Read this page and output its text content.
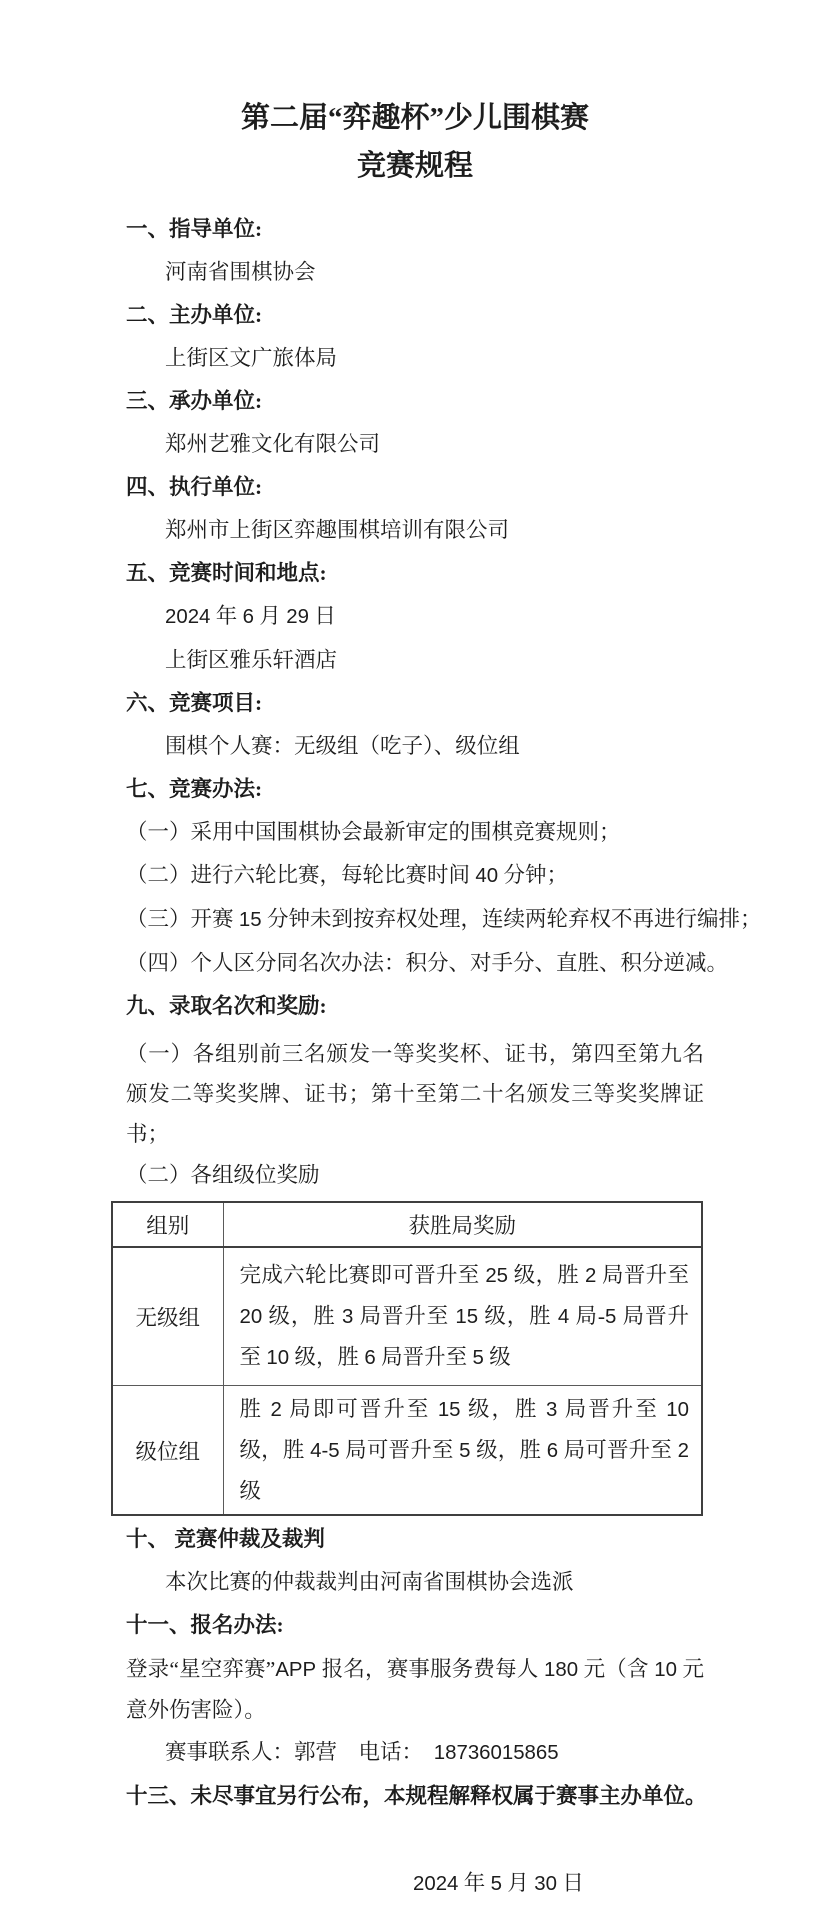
第二届“弈趣杯”少儿围棋赛
竞赛规程
一、指导单位:
河南省围棋协会
二、主办单位:
上街区文广旅体局
三、承办单位:
郑州艺雅文化有限公司
四、执行单位:
郑州市上街区弈趣围棋培训有限公司
五、竞赛时间和地点:
2024 年 6 月 29 日
上街区雅乐轩酒店
六、竞赛项目:
围棋个人赛：无级组（吃子）、级位组
七、竞赛办法:
（一）采用中国围棋协会最新审定的围棋竞赛规则；
（二）进行六轮比赛，每轮比赛时间 40 分钟；
（三）开赛 15 分钟未到按弃权处理，连续两轮弃权不再进行编排；
（四）个人区分同名次办法：积分、对手分、直胜、积分逆减。
九、录取名次和奖励:
（一）各组别前三名颁发一等奖奖杯、证书，第四至第九名颁发二等奖奖牌、证书；第十至第二十名颁发三等奖奖牌证书；
（二）各组级位奖励
组别	获胜局奖励
无级组	完成六轮比赛即可晋升至 25 级，胜 2 局晋升至 20 级，胜 3 局晋升至 15 级，胜 4 局-5 局晋升至 10 级，胜 6 局晋升至 5 级
级位组	胜 2 局即可晋升至 15 级，胜 3 局晋升至 10 级，胜 4-5 局可晋升至 5 级，胜 6 局可晋升至 2 级
十、 竞赛仲裁及裁判
本次比赛的仲裁裁判由河南省围棋协会选派
十一、报名办法:
登录“星空弈赛”APP 报名，赛事服务费每人 180 元（含 10 元意外伤害险）。
赛事联系人：郭营　电话：　18736015865
十三、未尽事宜另行公布，本规程解释权属于赛事主办单位。
2024 年 5 月 30 日
